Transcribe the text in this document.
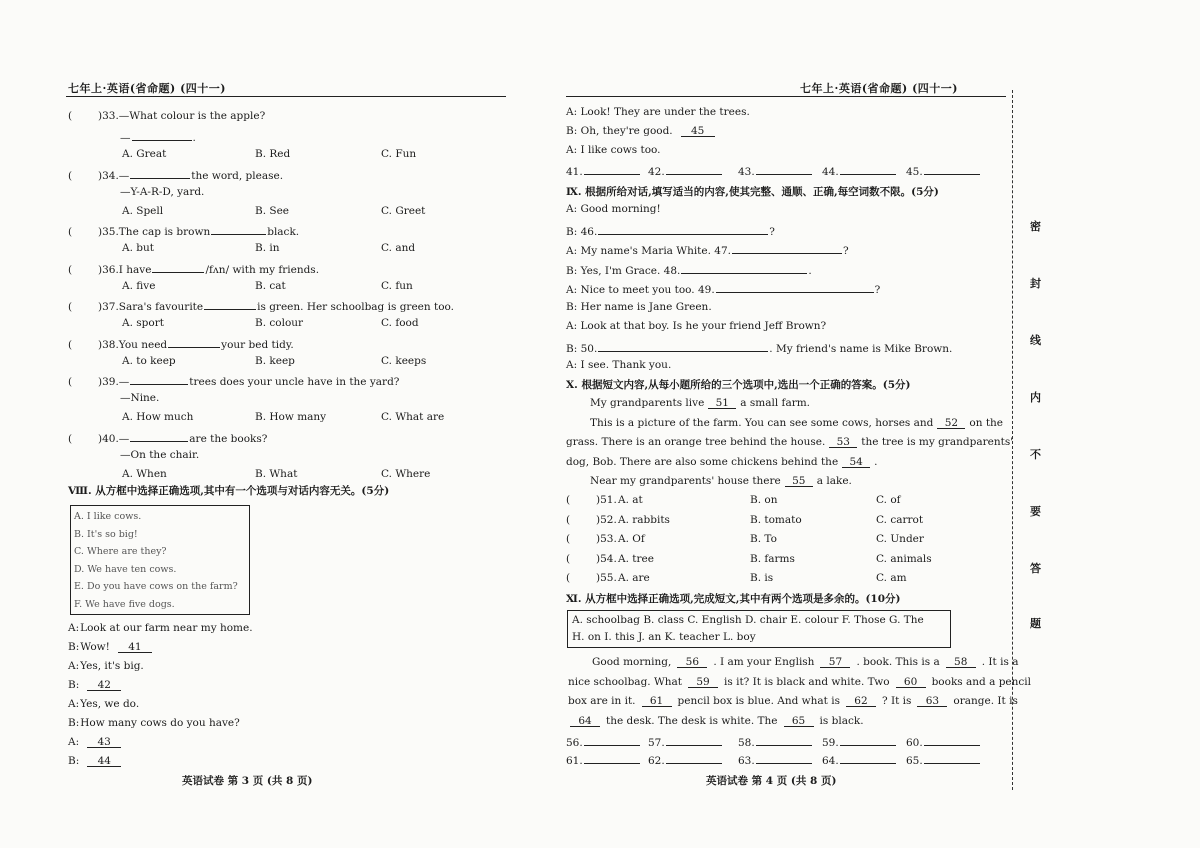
七年上·英语(省命题) (四十一)
( )33.—What colour is the apple?
—	.
A. Great	B. Red	C. Fun
( )34.—	the word, please.
—Y-A-R-D, yard.
A. Spell	B. See	C. Greet
( )35.The cap is brown	black.
A. but	B. in	C. and
( )36.I have	/fʌn/ with my friends.
A. five	B. cat	C. fun
( )37.Sara's favourite	is green. Her schoolbag is green too.
A. sport	B. colour	C. food
( )38.You need	your bed tidy.
A. to keep	B. keep	C. keeps
( )39.—	trees does your uncle have in the yard?
—Nine.
A. How much	B. How many	C. What are
( )40.—	are the books?
—On the chair.
A. When	B. What	C. Where
Ⅷ. 从方框中选择正确选项,其中有一个选项与对话内容无关。(5分)
A. I like cows.
B. It's so big!
C. Where are they?
D. We have ten cows.
E. Do you have cows on the farm?
F. We have five dogs.
A:Look at our farm near my home.
B:Wow! 41
A:Yes, it's big.
B: 42
A:Yes, we do.
B:How many cows do you have?
A: 43
B: 44
英语试卷 第 3 页 (共 8 页)
七年上·英语(省命题) (四十一)
A: Look! They are under the trees.
B: Oh, they're good. 45
A: I like cows too.
41.	42.	43.	44.	45.
Ⅸ. 根据所给对话,填写适当的内容,使其完整、通顺、正确,每空词数不限。(5分)
A: Good morning!
B: 46.	?
A: My name's Maria White. 47.	?
B: Yes, I'm Grace. 48.	.
A: Nice to meet you too. 49.	?
B: Her name is Jane Green.
A: Look at that boy. Is he your friend Jeff Brown?
B: 50.	. My friend's name is Mike Brown.
A: I see. Thank you.
Ⅹ. 根据短文内容,从每小题所给的三个选项中,选出一个正确的答案。(5分)
My grandparents live 51 a small farm.
This is a picture of the farm. You can see some cows, horses and 52 on the
grass. There is an orange tree behind the house. 53 the tree is my grandparents'
dog, Bob. There are also some chickens behind the 54 .
Near my grandparents' house there 55 a lake.
( )51. A. at	B. on	C. of
( )52. A. rabbits	B. tomato	C. carrot
( )53. A. Of	B. To	C. Under
( )54. A. tree	B. farms	C. animals
( )55. A. are	B. is	C. am
Ⅺ. 从方框中选择正确选项,完成短文,其中有两个选项是多余的。(10分)
A. schoolbag B. class C. English D. chair E. colour F. Those G. The
H. on I. this J. an K. teacher L. boy
Good morning, 56 . I am your English 57 . book. This is a 58 . It is a
nice schoolbag. What 59 is it? It is black and white. Two 60 books and a pencil
box are in it. 61 pencil box is blue. And what is 62 ? It is 63 orange. It is
64 the desk. The desk is white. The 65 is black.
56.	57.	58.	59.	60.
61.	62.	63.	64.	65.
英语试卷 第 4 页 (共 8 页)
密
封
线
内
不
要
答
题
